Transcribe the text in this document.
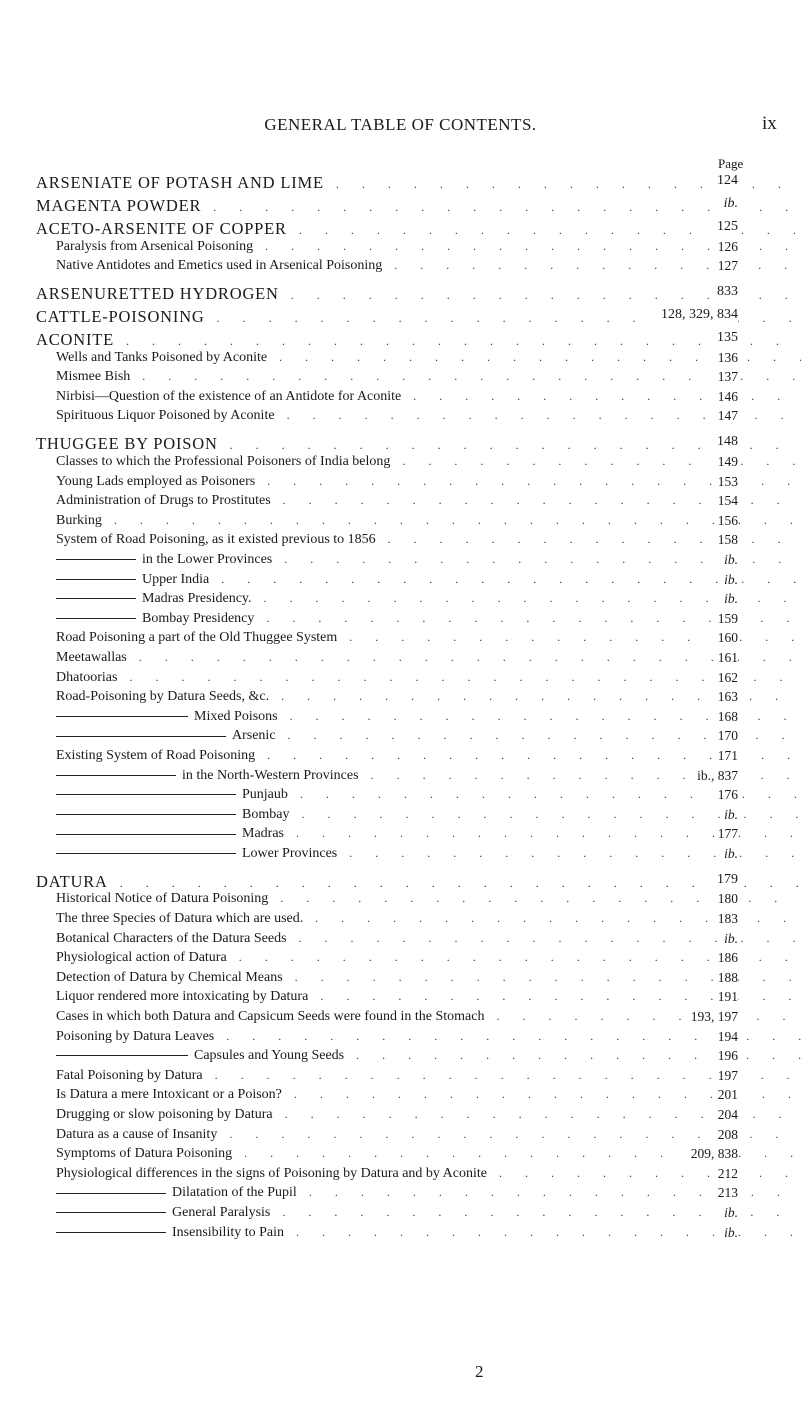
GENERAL TABLE OF CONTENTS.	ix
Page
ARSENIATE OF POTASH AND LIME . . .	124
MAGENTA POWDER . . .	ib.
ACETO-ARSENITE OF COPPER . . .	125
Paralysis from Arsenical Poisoning . . .	126
Native Antidotes and Emetics used in Arsenical Poisoning . . .	127
ARSENURETTED HYDROGEN . . .	833
CATTLE-POISONING . . .	128, 329, 834
ACONITE . . .	135
Wells and Tanks Poisoned by Aconite . . .	136
Mismee Bish . . .	137
Nirbisi—Question of the existence of an Antidote for Aconite . . .	146
Spirituous Liquor Poisoned by Aconite . . .	147
THUGGEE BY POISON . . .	148
Classes to which the Professional Poisoners of India belong . . .	149
Young Lads employed as Poisoners . . .	153
Administration of Drugs to Prostitutes . . .	154
Burking . . .	156
System of Road Poisoning, as it existed previous to 1856 . . .	158
in the Lower Provinces . . .	ib.
Upper India . . .	ib.
Madras Presidency. . . .	ib.
Bombay Presidency . . .	159
Road Poisoning a part of the Old Thuggee System . . .	160
Meetawallas . . .	161
Dhatoorias . . .	162
Road-Poisoning by Datura Seeds, &c. . . .	163
Mixed Poisons . . .	168
Arsenic . . .	170
Existing System of Road Poisoning . . .	171
in the North-Western Provinces . . .	ib., 837
Punjaub . . .	176
Bombay . . .	ib.
Madras . . .	177
Lower Provinces . . .	ib.
DATURA . . .	179
Historical Notice of Datura Poisoning . . .	180
The three Species of Datura which are used. . . .	183
Botanical Characters of the Datura Seeds . . .	ib.
Physiological action of Datura . . .	186
Detection of Datura by Chemical Means . . .	188
Liquor rendered more intoxicating by Datura . . .	191
Cases in which both Datura and Capsicum Seeds were found in the Stomach . . .	193, 197
Poisoning by Datura Leaves . . .	194
Capsules and Young Seeds . . .	196
Fatal Poisoning by Datura . . .	197
Is Datura a mere Intoxicant or a Poison? . . .	201
Drugging or slow poisoning by Datura . . .	204
Datura as a cause of Insanity . . .	208
Symptoms of Datura Poisoning . . .	209, 838
Physiological differences in the signs of Poisoning by Datura and by Aconite . . .	212
Dilatation of the Pupil . . .	213
General Paralysis . . .	ib.
Insensibility to Pain . . .	ib.
2
